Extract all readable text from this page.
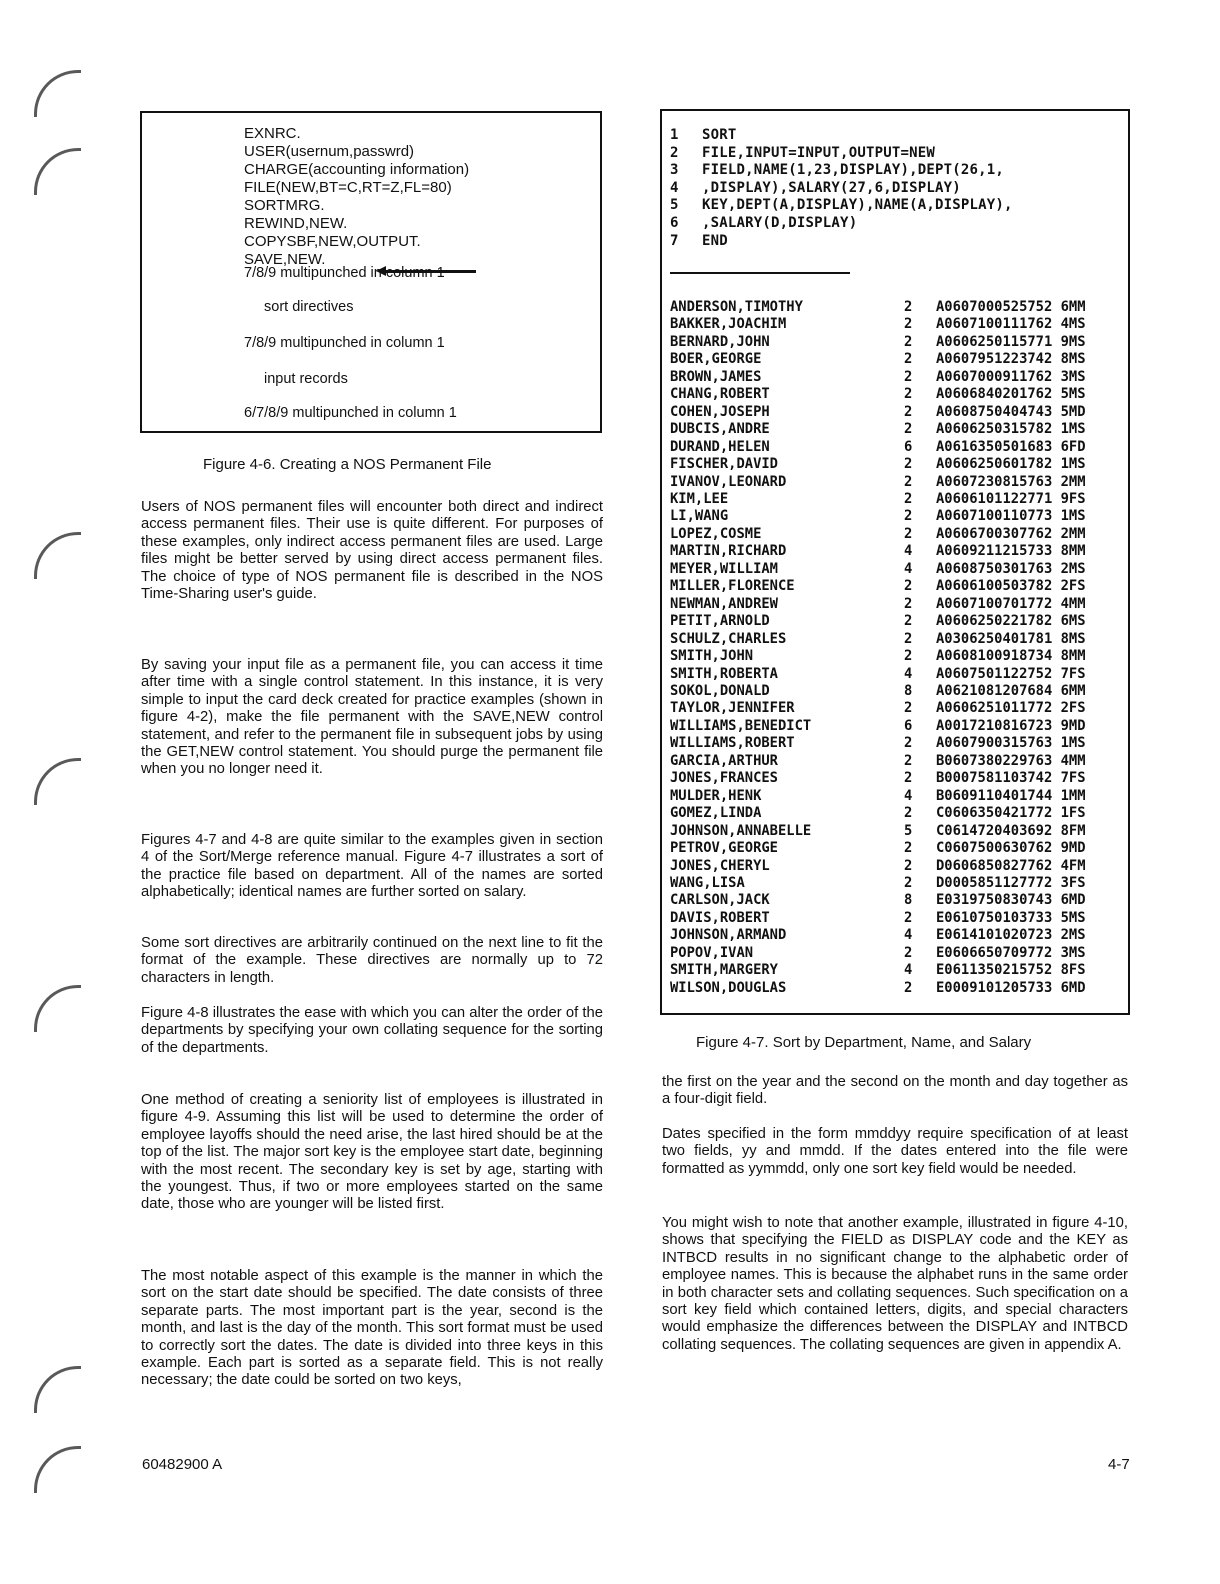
EXNRC.
USER(usernum,passwrd)
CHARGE(accounting information)
FILE(NEW,BT=C,RT=Z,FL=80)
SORTMRG.
REWIND,NEW.
COPYSBF,NEW,OUTPUT.
SAVE,NEW.
7/8/9 multipunched in column 1
sort directives
7/8/9 multipunched in column 1
input records
6/7/8/9 multipunched in column 1
Figure 4-6. Creating a NOS Permanent File
Users of NOS permanent files will encounter both direct and indirect access permanent files. Their use is quite different. For purposes of these examples, only indirect access permanent files are used. Large files might be better served by using direct access permanent files. The choice of type of NOS permanent file is described in the NOS Time-Sharing user's guide.
By saving your input file as a permanent file, you can access it time after time with a single control statement. In this instance, it is very simple to input the card deck created for practice examples (shown in figure 4-2), make the file permanent with the SAVE,NEW control statement, and refer to the permanent file in subsequent jobs by using the GET,NEW control statement. You should purge the permanent file when you no longer need it.
Figures 4-7 and 4-8 are quite similar to the examples given in section 4 of the Sort/Merge reference manual. Figure 4-7 illustrates a sort of the practice file based on department. All of the names are sorted alphabetically; identical names are further sorted on salary.
Some sort directives are arbitrarily continued on the next line to fit the format of the example. These directives are normally up to 72 characters in length.
Figure 4-8 illustrates the ease with which you can alter the order of the departments by specifying your own collating sequence for the sorting of the departments.
One method of creating a seniority list of employees is illustrated in figure 4-9. Assuming this list will be used to determine the order of employee layoffs should the need arise, the last hired should be at the top of the list. The major sort key is the employee start date, beginning with the most recent. The secondary key is set by age, starting with the youngest. Thus, if two or more employees started on the same date, those who are younger will be listed first.
The most notable aspect of this example is the manner in which the sort on the start date should be specified. The date consists of three separate parts. The most important part is the year, second is the month, and last is the day of the month. This sort format must be used to correctly sort the dates. The date is divided into three keys in this example. Each part is sorted as a separate field. This is not really necessary; the date could be sorted on two keys,
1	SORT
2	FILE,INPUT=INPUT,OUTPUT=NEW
3	FIELD,NAME(1,23,DISPLAY),DEPT(26,1,
4	,DISPLAY),SALARY(27,6,DISPLAY)
5	KEY,DEPT(A,DISPLAY),NAME(A,DISPLAY),
6	,SALARY(D,DISPLAY)
7	END
ANDERSON,TIMOTHY	2	A0607000525752 6MM
BAKKER,JOACHIM	2	A0607100111762 4MS
BERNARD,JOHN	2	A0606250115771 9MS
BOER,GEORGE	2	A0607951223742 8MS
BROWN,JAMES	2	A0607000911762 3MS
CHANG,ROBERT	2	A0606840201762 5MS
COHEN,JOSEPH	2	A0608750404743 5MD
DUBCIS,ANDRE	2	A0606250315782 1MS
DURAND,HELEN	6	A0616350501683 6FD
FISCHER,DAVID	2	A0606250601782 1MS
IVANOV,LEONARD	2	A0607230815763 2MM
KIM,LEE	2	A0606101122771 9FS
LI,WANG	2	A0607100110773 1MS
LOPEZ,COSME	2	A0606700307762 2MM
MARTIN,RICHARD	4	A0609211215733 8MM
MEYER,WILLIAM	4	A0608750301763 2MS
MILLER,FLORENCE	2	A0606100503782 2FS
NEWMAN,ANDREW	2	A0607100701772 4MM
PETIT,ARNOLD	2	A0606250221782 6MS
SCHULZ,CHARLES	2	A0306250401781 8MS
SMITH,JOHN	2	A0608100918734 8MM
SMITH,ROBERTA	4	A0607501122752 7FS
SOKOL,DONALD	8	A0621081207684 6MM
TAYLOR,JENNIFER	2	A0606251011772 2FS
WILLIAMS,BENEDICT	6	A0017210816723 9MD
WILLIAMS,ROBERT	2	A0607900315763 1MS
GARCIA,ARTHUR	2	B0607380229763 4MM
JONES,FRANCES	2	B0007581103742 7FS
MULDER,HENK	4	B0609110401744 1MM
GOMEZ,LINDA	2	C0606350421772 1FS
JOHNSON,ANNABELLE	5	C0614720403692 8FM
PETROV,GEORGE	2	C0607500630762 9MD
JONES,CHERYL	2	D0606850827762 4FM
WANG,LISA	2	D0005851127772 3FS
CARLSON,JACK	8	E0319750830743 6MD
DAVIS,ROBERT	2	E0610750103733 5MS
JOHNSON,ARMAND	4	E0614101020723 2MS
POPOV,IVAN	2	E0606650709772 3MS
SMITH,MARGERY	4	E0611350215752 8FS
WILSON,DOUGLAS	2	E0009101205733 6MD
Figure 4-7. Sort by Department, Name, and Salary
the first on the year and the second on the month and day together as a four-digit field.
Dates specified in the form mmddyy require specification of at least two fields, yy and mmdd. If the dates entered into the file were formatted as yymmdd, only one sort key field would be needed.
You might wish to note that another example, illustrated in figure 4-10, shows that specifying the FIELD as DISPLAY code and the KEY as INTBCD results in no significant change to the alphabetic order of employee names. This is because the alphabet runs in the same order in both character sets and collating sequences. Such specification on a sort key field which contained letters, digits, and special characters would emphasize the differences between the DISPLAY and INTBCD collating sequences. The collating sequences are given in appendix A.
60482900 A	4-7
